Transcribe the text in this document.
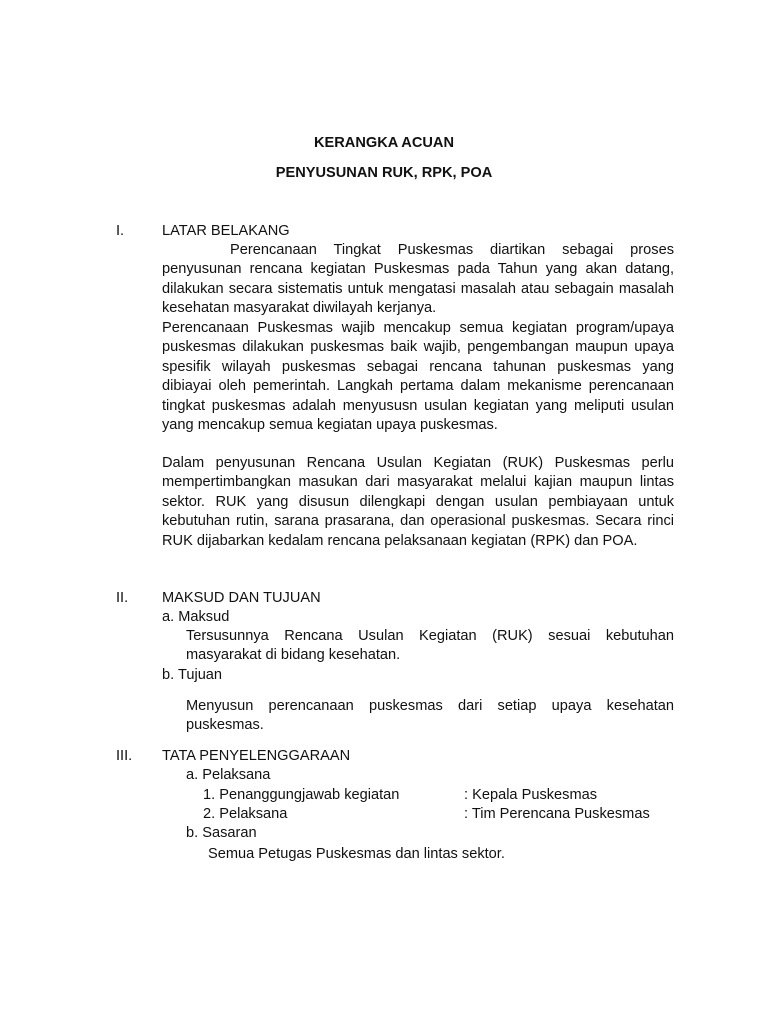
KERANGKA ACUAN
PENYUSUNAN RUK, RPK, POA
I.	LATAR BELAKANG

Perencanaan Tingkat Puskesmas diartikan sebagai proses penyusunan rencana kegiatan Puskesmas pada Tahun yang akan datang, dilakukan secara sistematis untuk mengatasi masalah atau sebagain masalah kesehatan masyarakat diwilayah kerjanya.

Perencanaan Puskesmas wajib mencakup semua kegiatan program/upaya puskesmas dilakukan puskesmas baik wajib, pengembangan maupun upaya spesifik wilayah puskesmas sebagai rencana tahunan puskesmas yang dibiayai oleh pemerintah. Langkah pertama dalam mekanisme perencanaan tingkat puskesmas adalah menyususn usulan kegiatan yang meliputi usulan yang mencakup semua kegiatan upaya puskesmas.

Dalam penyusunan Rencana Usulan Kegiatan (RUK) Puskesmas perlu mempertimbangkan masukan dari masyarakat melalui kajian maupun lintas sektor. RUK yang disusun dilengkapi dengan usulan pembiayaan untuk kebutuhan rutin, sarana prasarana, dan operasional puskesmas. Secara rinci RUK dijabarkan kedalam rencana pelaksanaan kegiatan (RPK) dan POA.

II. MAKSUD DAN TUJUAN
a. Maksud

Tersusunnya Rencana Usulan Kegiatan (RUK) sesuai kebutuhan masyarakat di bidang kesehatan.

b. Tujuan

Menyusun perencanaan puskesmas dari setiap upaya kesehatan puskesmas.

III. TATA PENYELENGGARAAN
a. Pelaksana
1. Penanggungjawab kegiatan	: Kepala Puskesmas
2. Pelaksana	: Tim Perencana Puskesmas
b. Sasaran
Semua Petugas Puskesmas dan lintas sektor.
